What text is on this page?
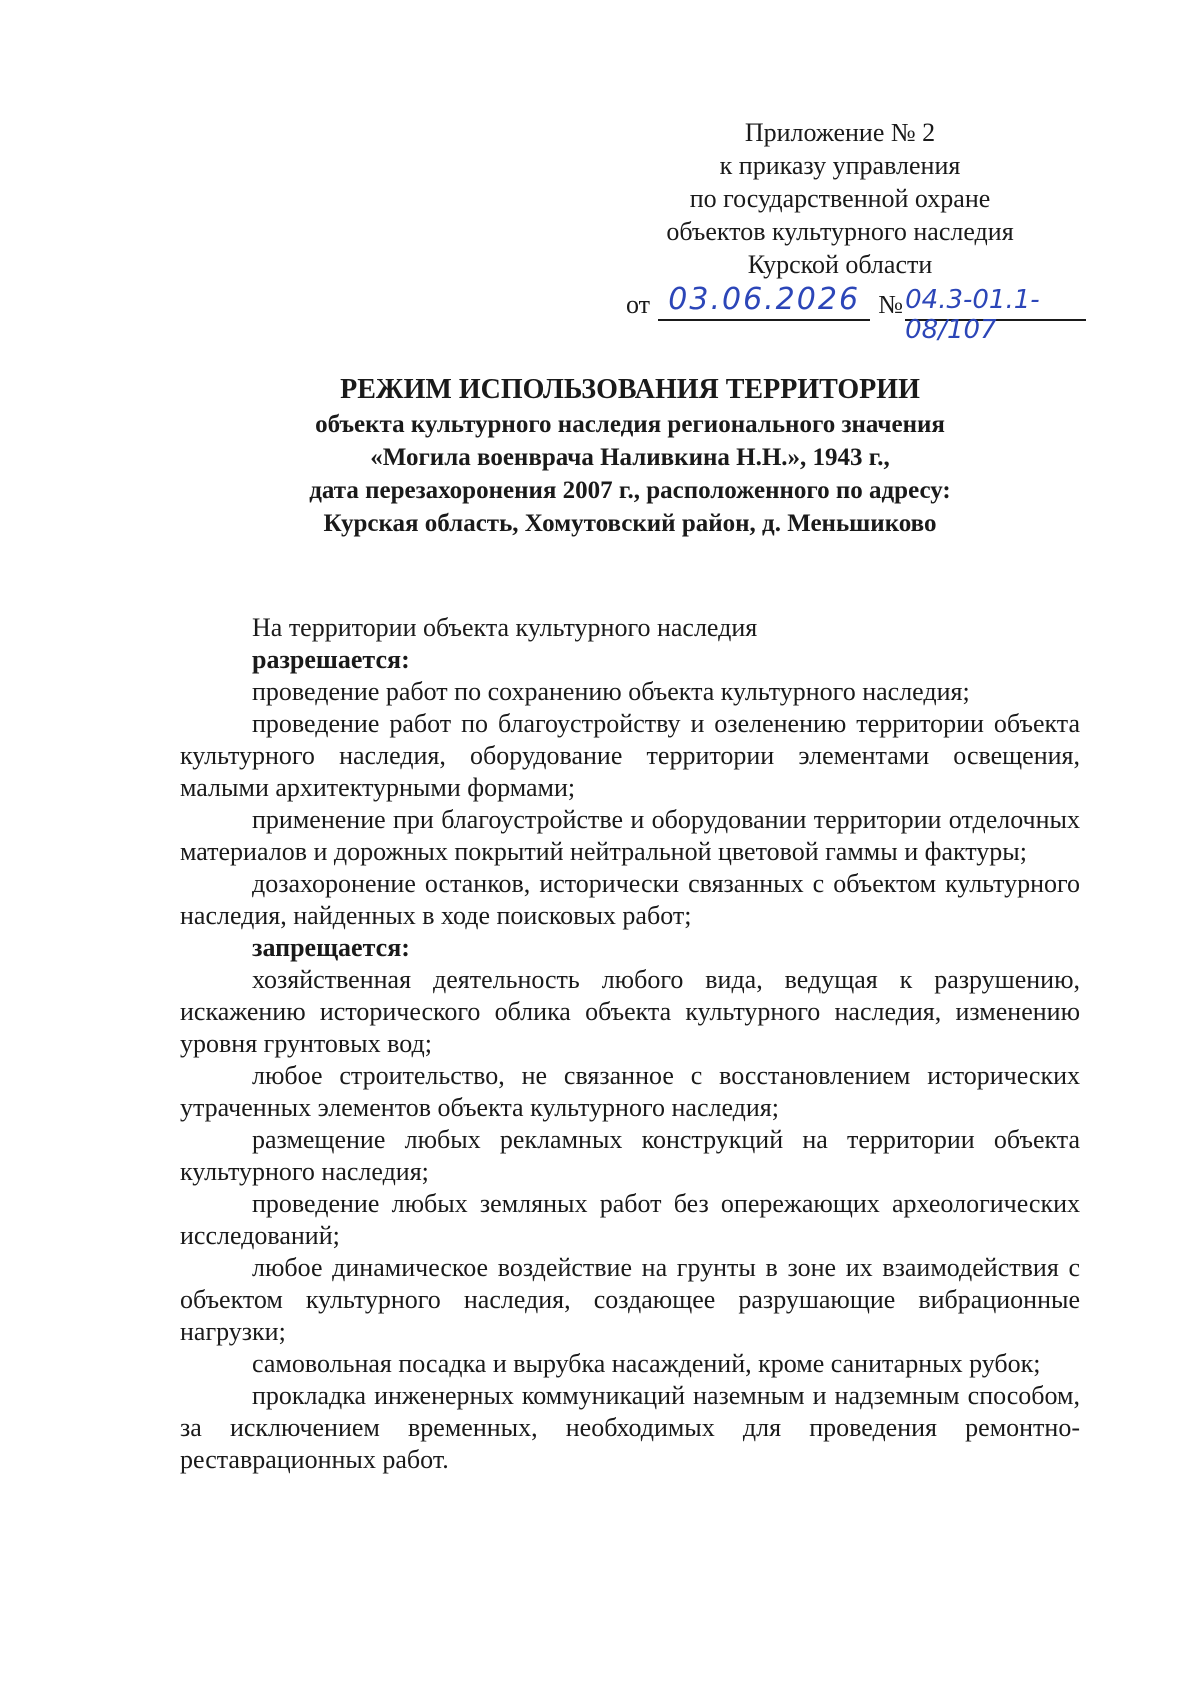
Приложение № 2
к приказу управления
по государственной охране
объектов культурного наследия
Курской области
от 03.06.2026 № 04.3-01.1-08/107
РЕЖИМ ИСПОЛЬЗОВАНИЯ ТЕРРИТОРИИ
объекта культурного наследия регионального значения
«Могила военврача Наливкина Н.Н.», 1943 г.,
дата перезахоронения 2007 г., расположенного по адресу:
Курская область, Хомутовский район, д. Меньшиково

На территории объекта культурного наследия

разрешается:

проведение работ по сохранению объекта культурного наследия;

проведение работ по благоустройству и озеленению территории объекта культурного наследия, оборудование территории элементами освещения, малыми архитектурными формами;

применение при благоустройстве и оборудовании территории отделочных материалов и дорожных покрытий нейтральной цветовой гаммы и фактуры;

дозахоронение останков, исторически связанных с объектом культурного наследия, найденных в ходе поисковых работ;

запрещается:

хозяйственная деятельность любого вида, ведущая к разрушению, искажению исторического облика объекта культурного наследия, изменению уровня грунтовых вод;

любое строительство, не связанное с восстановлением исторических утраченных элементов объекта культурного наследия;

размещение любых рекламных конструкций на территории объекта культурного наследия;

проведение любых земляных работ без опережающих археологических исследований;

любое динамическое воздействие на грунты в зоне их взаимодействия с объектом культурного наследия, создающее разрушающие вибрационные нагрузки;

самовольная посадка и вырубка насаждений, кроме санитарных рубок;

прокладка инженерных коммуникаций наземным и надземным способом, за исключением временных, необходимых для проведения ремонтно-реставрационных работ.
